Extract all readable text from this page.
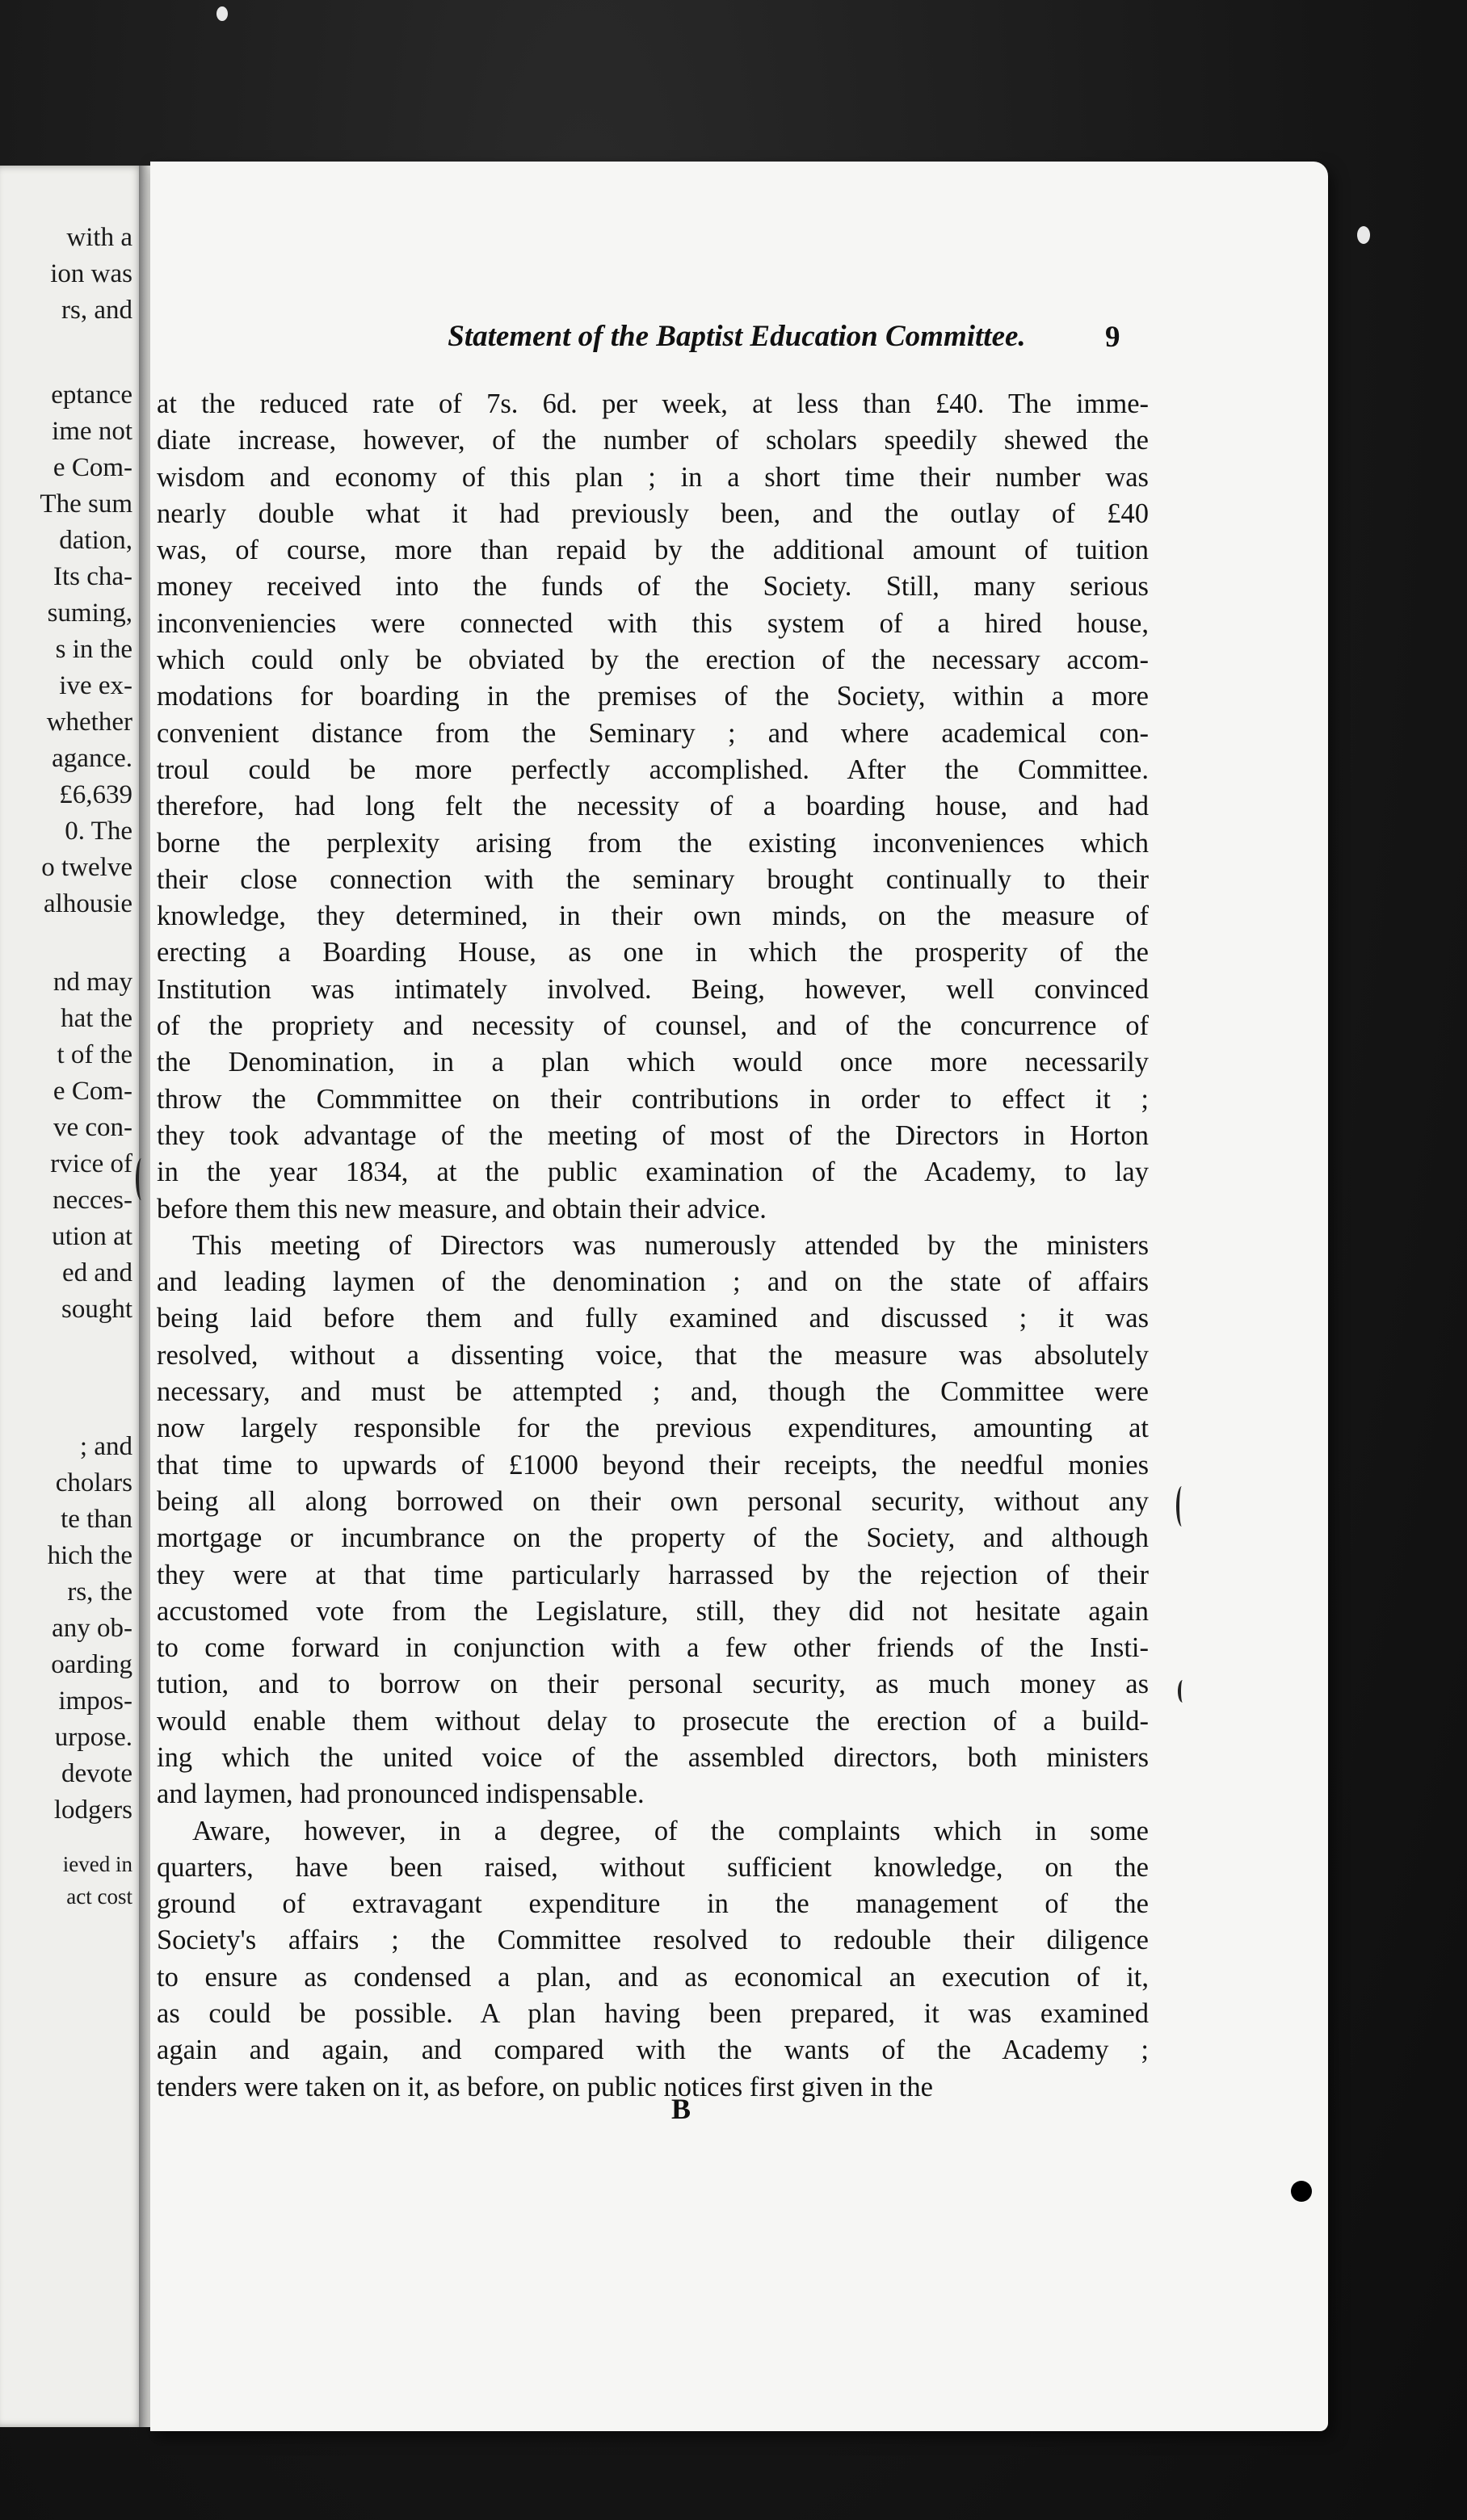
with a
ion was
rs, and
eptance
ime not
e Com-
The sum
dation,
Its cha-
suming,
s in the
ive ex-
whether
agance.
£6,639
0. The
o twelve
alhousie
nd may
hat the
t of the
e Com-
ve con-
rvice of
necces-
ution at
ed and
sought
; and
cholars
te than
hich the
rs, the
any ob-
oarding
impos-
urpose.
devote
lodgers
ieved in
act cost
Statement of the Baptist Education Committee.	9
at the reduced rate of 7s. 6d. per week, at less than £40. The imme-
diate increase, however, of the number of scholars speedily shewed the
wisdom and economy of this plan ; in a short time their number was
nearly double what it had previously been, and the outlay of £40
was, of course, more than repaid by the additional amount of tuition
money received into the funds of the Society. Still, many serious
inconveniencies were connected with this system of a hired house,
which could only be obviated by the erection of the necessary accom-
modations for boarding in the premises of the Society, within a more
convenient distance from the Seminary ; and where academical con-
troul could be more perfectly accomplished. After the Committee.
therefore, had long felt the necessity of a boarding house, and had
borne the perplexity arising from the existing inconveniences which
their close connection with the seminary brought continually to their
knowledge, they determined, in their own minds, on the measure of
erecting a Boarding House, as one in which the prosperity of the
Institution was intimately involved. Being, however, well convinced
of the propriety and necessity of counsel, and of the concurrence of
the Denomination, in a plan which would once more necessarily
throw the Commmittee on their contributions in order to effect it ;
they took advantage of the meeting of most of the Directors in Horton
in the year 1834, at the public examination of the Academy, to lay
before them this new measure, and obtain their advice.
This meeting of Directors was numerously attended by the ministers
and leading laymen of the denomination ; and on the state of affairs
being laid before them and fully examined and discussed ; it was
resolved, without a dissenting voice, that the measure was absolutely
necessary, and must be attempted ; and, though the Committee were
now largely responsible for the previous expenditures, amounting at
that time to upwards of £1000 beyond their receipts, the needful monies
being all along borrowed on their own personal security, without any
mortgage or incumbrance on the property of the Society, and although
they were at that time particularly harrassed by the rejection of their
accustomed vote from the Legislature, still, they did not hesitate again
to come forward in conjunction with a few other friends of the Insti-
tution, and to borrow on their personal security, as much money as
would enable them without delay to prosecute the erection of a build-
ing which the united voice of the assembled directors, both ministers
and laymen, had pronounced indispensable.
Aware, however, in a degree, of the complaints which in some
quarters, have been raised, without sufficient knowledge, on the
ground of extravagant expenditure in the management of the
Society's affairs ; the Committee resolved to redouble their diligence
to ensure as condensed a plan, and as economical an execution of it,
as could be possible. A plan having been prepared, it was examined
again and again, and compared with the wants of the Academy ;
tenders were taken on it, as before, on public notices first given in the
B
